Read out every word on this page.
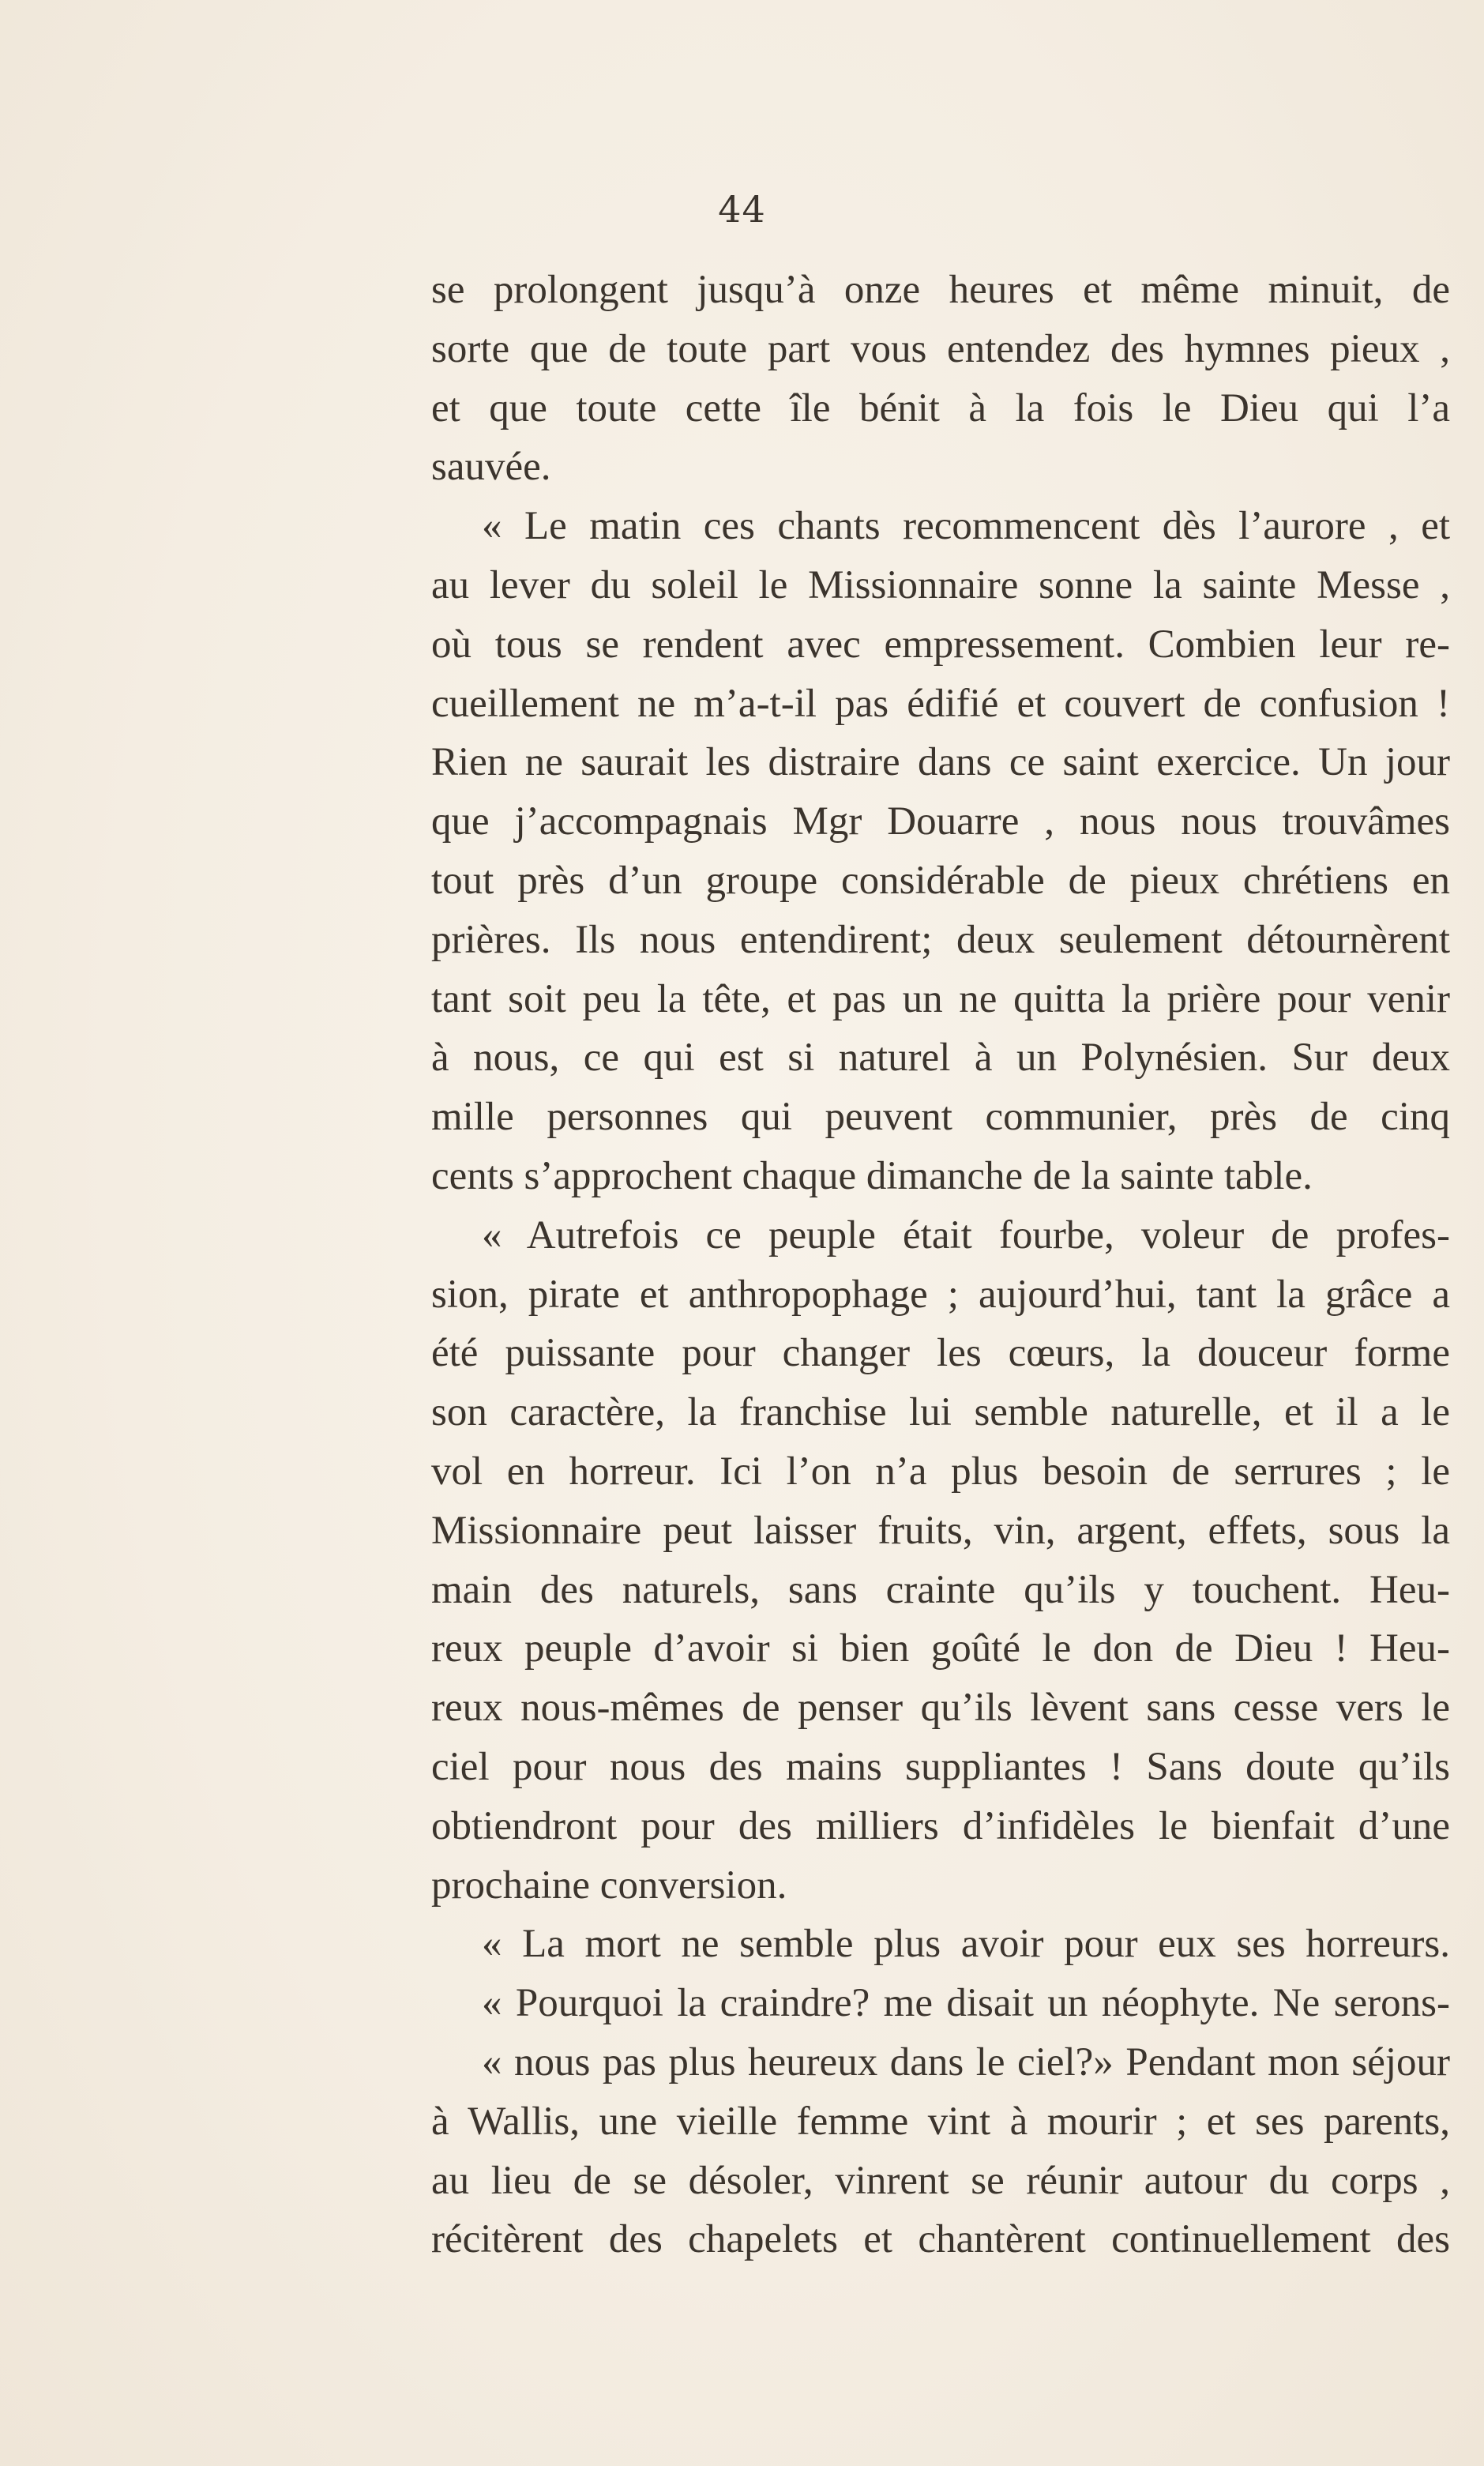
44
se prolongent jusqu’à onze heures et même minuit, de
sorte que de toute part vous entendez des hymnes pieux ,
et que toute cette île bénit à la fois le Dieu qui l’a
sauvée.
« Le matin ces chants recommencent dès l’aurore , et
au lever du soleil le Missionnaire sonne la sainte Messe ,
où tous se rendent avec empressement. Combien leur re-
cueillement ne m’a-t-il pas édifié et couvert de confusion !
Rien ne saurait les distraire dans ce saint exercice. Un jour
que j’accompagnais Mgr Douarre , nous nous trouvâmes
tout près d’un groupe considérable de pieux chrétiens en
prières. Ils nous entendirent; deux seulement détournèrent
tant soit peu la tête, et pas un ne quitta la prière pour venir
à nous, ce qui est si naturel à un Polynésien. Sur deux
mille personnes qui peuvent communier, près de cinq
cents s’approchent chaque dimanche de la sainte table.
« Autrefois ce peuple était fourbe, voleur de profes-
sion, pirate et anthropophage ; aujourd’hui, tant la grâce a
été puissante pour changer les cœurs, la douceur forme
son caractère, la franchise lui semble naturelle, et il a le
vol en horreur. Ici l’on n’a plus besoin de serrures ; le
Missionnaire peut laisser fruits, vin, argent, effets, sous la
main des naturels, sans crainte qu’ils y touchent. Heu-
reux peuple d’avoir si bien goûté le don de Dieu ! Heu-
reux nous-mêmes de penser qu’ils lèvent sans cesse vers le
ciel pour nous des mains suppliantes ! Sans doute qu’ils
obtiendront pour des milliers d’infidèles le bienfait d’une
prochaine conversion.
« La mort ne semble plus avoir pour eux ses horreurs.
« Pourquoi la craindre? me disait un néophyte. Ne serons-
« nous pas plus heureux dans le ciel?» Pendant mon séjour
à Wallis, une vieille femme vint à mourir ; et ses parents,
au lieu de se désoler, vinrent se réunir autour du corps ,
récitèrent des chapelets et chantèrent continuellement des
